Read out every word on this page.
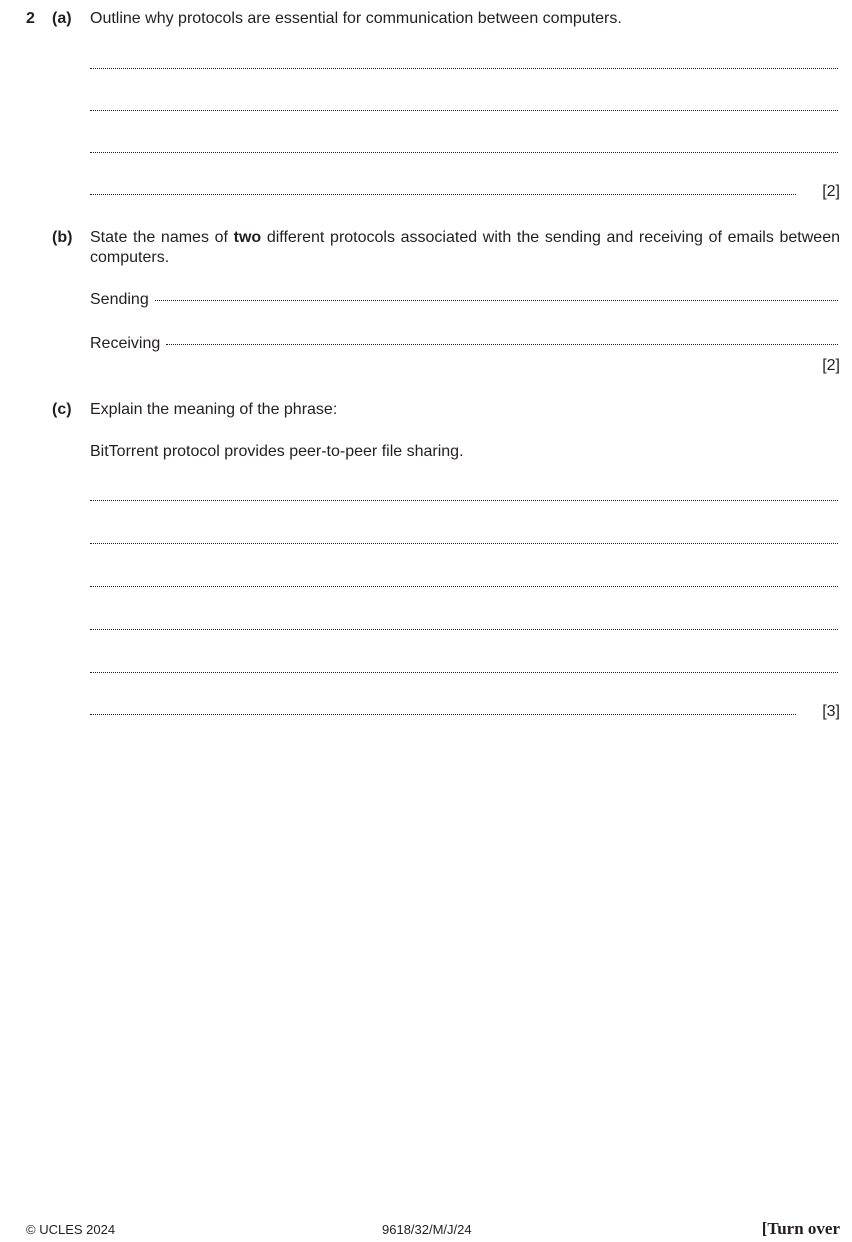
2 (a) Outline why protocols are essential for communication between computers.
[2]
(b) State the names of two different protocols associated with the sending and receiving of emails between computers.
Sending
Receiving
[2]
(c) Explain the meaning of the phrase:
BitTorrent protocol provides peer-to-peer file sharing.
[3]
© UCLES 2024	9618/32/M/J/24	[Turn over
